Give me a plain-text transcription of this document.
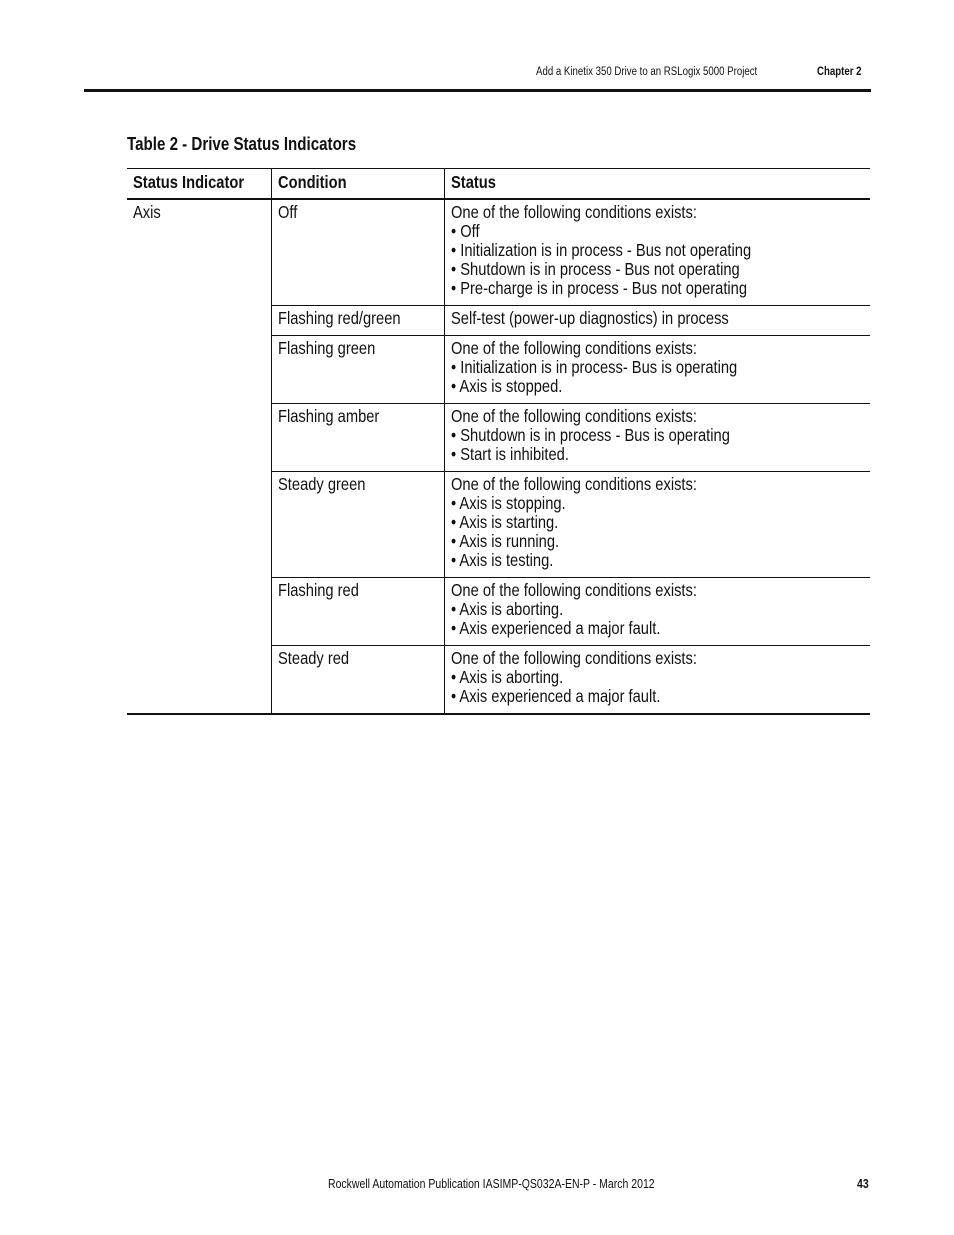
Add a Kinetix 350 Drive to an RSLogix 5000 Project	Chapter 2
Table 2 - Drive Status Indicators
Status Indicator	Condition	Status
Axis	Off	One of the following conditions exists:
• Off
• Initialization is in process - Bus not operating
• Shutdown is in process - Bus not operating
• Pre-charge is in process - Bus not operating

	Flashing red/green	Self-test (power-up diagnostics) in process

	Flashing green	One of the following conditions exists:
• Initialization is in process- Bus is operating
• Axis is stopped.

	Flashing amber	One of the following conditions exists:
• Shutdown is in process - Bus is operating
• Start is inhibited.

	Steady green	One of the following conditions exists:
• Axis is stopping.
• Axis is starting.
• Axis is running.
• Axis is testing.

	Flashing red	One of the following conditions exists:
• Axis is aborting.
• Axis experienced a major fault.

	Steady red	One of the following conditions exists:
• Axis is aborting.
• Axis experienced a major fault.
Rockwell Automation Publication IASIMP-QS032A-EN-P - March 2012	43
